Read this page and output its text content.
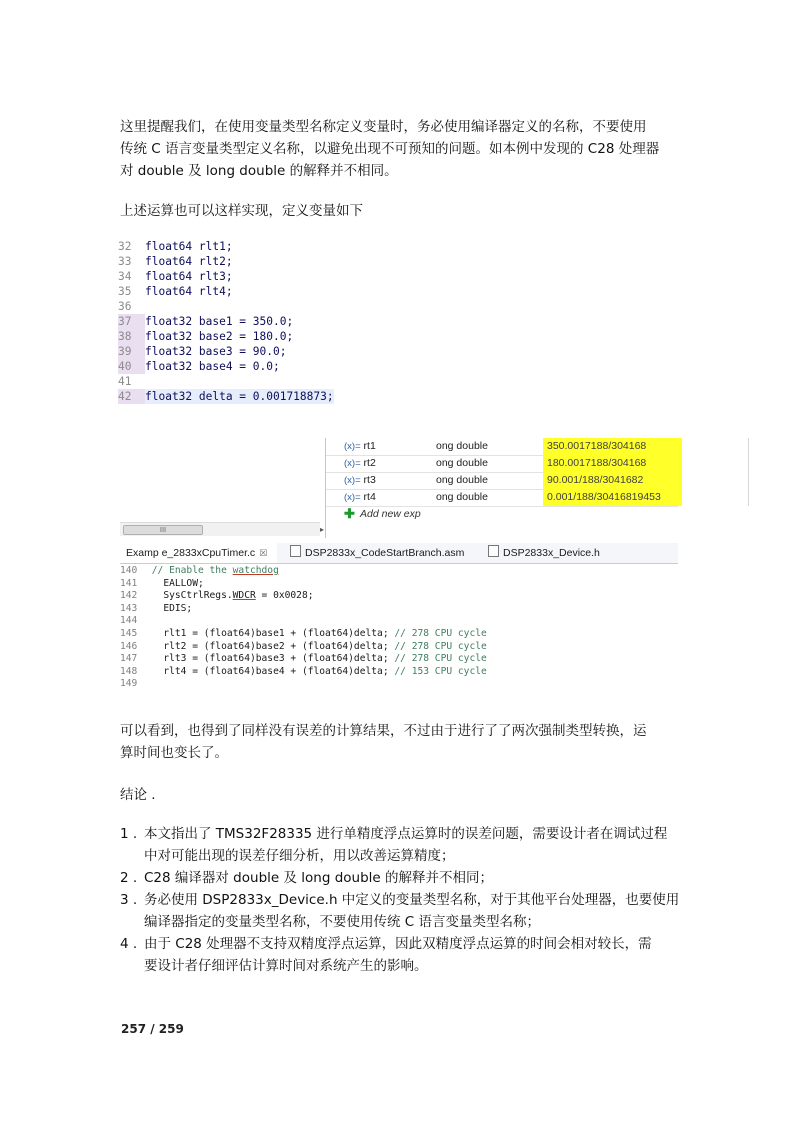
这里提醒我们，在使用变量类型名称定义变量时，务必使用编译器定义的名称，不要使用
传统 C 语言变量类型定义名称，以避免出现不可预知的问题。如本例中发现的 C28 处理器
对 double 及 long double 的解释并不相同。
上述运算也可以这样实现，定义变量如下
32	float64 rlt1;
33	float64 rlt2;
34	float64 rlt3;
35	float64 rlt4;
36
37	float32 base1 = 350.0;
38	float32 base2 = 180.0;
39	float32 base3 = 90.0;
40	float32 base4 = 0.0;
41
42	float32 delta = 0.001718873;
(x)= rt1	ong double	350.0017188/304168
(x)= rt2	ong double	180.0017188/304168
(x)= rt3	ong double	90.001/188/3041682
(x)= rt4	ong double	0.001/188/30416819453
✚ Add new exp
III	▸
Examp e_2833xCpuTimer.c ☒	DSP2833x_CodeStartBranch.asm	DSP2833x_Device.h
140 // Enable the watchdog
141 EALLOW;
142 SysCtrlRegs. WDCR = 0x0028;
143 EDIS;
144
145 rlt1 = (float64)base1 + (float64)delta; // 278 CPU cycle
146 rlt2 = (float64)base2 + (float64)delta; // 278 CPU cycle
147 rlt3 = (float64)base3 + (float64)delta; // 278 CPU cycle
148 rlt4 = (float64)base4 + (float64)delta; // 153 CPU cycle
149
可以看到，也得到了同样没有误差的计算结果，不过由于进行了了两次强制类型转换，运
算时间也变长了。
结论 .
1 . 本文指出了 TMS32F28335 进行单精度浮点运算时的误差问题，需要设计者在调试过程
中对可能出现的误差仔细分析，用以改善运算精度；
2 . C28 编译器对 double 及 long double 的解释并不相同；
3 . 务必使用 DSP2833x_Device.h 中定义的变量类型名称，对于其他平台处理器，也要使用
编译器指定的变量类型名称，不要使用传统 C 语言变量类型名称；
4 . 由于 C28 处理器不支持双精度浮点运算，因此双精度浮点运算的时间会相对较长，需
要设计者仔细评估计算时间对系统产生的影响。
257 / 259
